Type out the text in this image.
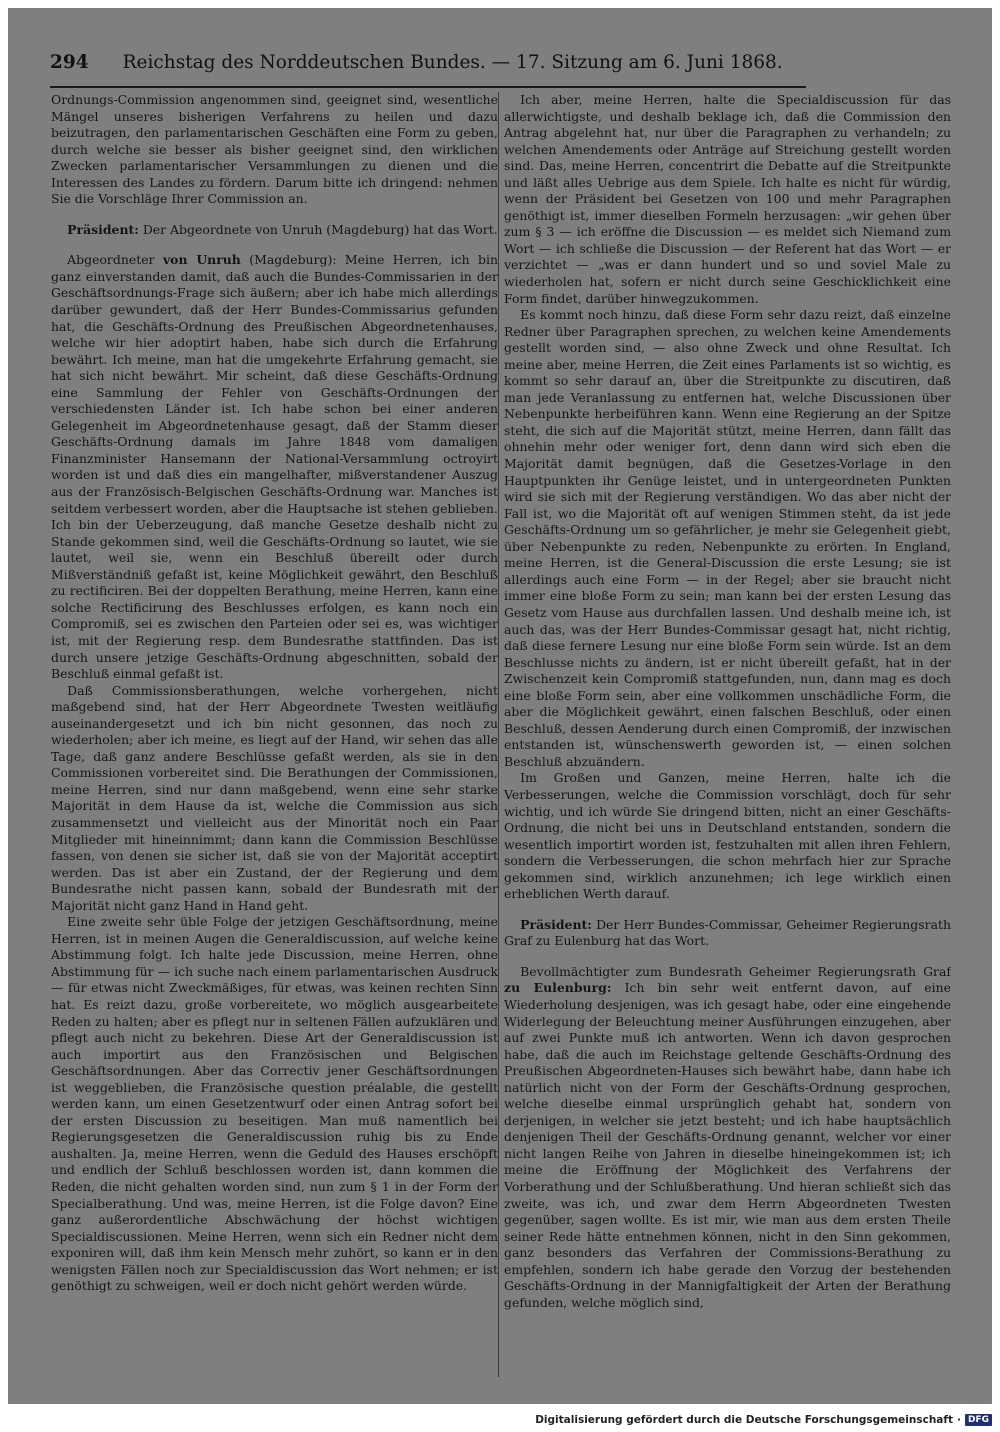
294 Reichstag des Norddeutschen Bundes. — 17. Sitzung am 6. Juni 1868.

Ordnungs-Commission angenommen sind, geeignet sind, wesentliche Mängel unseres bisherigen Verfahrens zu heilen und dazu beizutragen, den parlamentarischen Geschäften eine Form zu geben, durch welche sie besser als bisher geeignet sind, den wirklichen Zwecken parlamentarischer Versammlungen zu dienen und die Interessen des Landes zu fördern. Darum bitte ich dringend: nehmen Sie die Vorschläge Ihrer Commission an.

Präsident: Der Abgeordnete von Unruh (Magdeburg) hat das Wort.

Abgeordneter von Unruh (Magdeburg): Meine Herren, ich bin ganz einverstanden damit, daß auch die Bundes-Commissarien in der Geschäftsordnungs-Frage sich äußern; aber ich habe mich allerdings darüber gewundert, daß der Herr Bundes-Commissarius gefunden hat, die Geschäfts-Ordnung des Preußischen Abgeordnetenhauses, welche wir hier adoptirt haben, habe sich durch die Erfahrung bewährt. Ich meine, man hat die umgekehrte Erfahrung gemacht, sie hat sich nicht bewährt. Mir scheint, daß diese Geschäfts-Ordnung eine Sammlung der Fehler von Geschäfts-Ordnungen der verschiedensten Länder ist. Ich habe schon bei einer anderen Gelegenheit im Abgeordnetenhause gesagt, daß der Stamm dieser Geschäfts-Ordnung damals im Jahre 1848 vom damaligen Finanzminister Hansemann der National-Versammlung octroyirt worden ist und daß dies ein mangelhafter, mißverstandener Auszug aus der Französisch-Belgischen Geschäfts-Ordnung war. Manches ist seitdem verbessert worden, aber die Hauptsache ist stehen geblieben. Ich bin der Ueberzeugung, daß manche Gesetze deshalb nicht zu Stande gekommen sind, weil die Geschäfts-Ordnung so lautet, wie sie lautet, weil sie, wenn ein Beschluß übereilt oder durch Mißverständniß gefaßt ist, keine Möglichkeit gewährt, den Beschluß zu rectificiren. Bei der doppelten Berathung, meine Herren, kann eine solche Rectificirung des Beschlusses erfolgen, es kann noch ein Compromiß, sei es zwischen den Parteien oder sei es, was wichtiger ist, mit der Regierung resp. dem Bundesrathe stattfinden. Das ist durch unsere jetzige Geschäfts-Ordnung abgeschnitten, sobald der Beschluß einmal gefaßt ist.

Daß Commissionsberathungen, welche vorhergehen, nicht maßgebend sind, hat der Herr Abgeordnete Twesten weitläufig auseinandergesetzt und ich bin nicht gesonnen, das noch zu wiederholen; aber ich meine, es liegt auf der Hand, wir sehen das alle Tage, daß ganz andere Beschlüsse gefaßt werden, als sie in den Commissionen vorbereitet sind. Die Berathungen der Commissionen, meine Herren, sind nur dann maßgebend, wenn eine sehr starke Majorität in dem Hause da ist, welche die Commission aus sich zusammensetzt und vielleicht aus der Minorität noch ein Paar Mitglieder mit hineinnimmt; dann kann die Commission Beschlüsse fassen, von denen sie sicher ist, daß sie von der Majorität acceptirt werden. Das ist aber ein Zustand, der der Regierung und dem Bundesrathe nicht passen kann, sobald der Bundesrath mit der Majorität nicht ganz Hand in Hand geht.

Eine zweite sehr üble Folge der jetzigen Geschäftsordnung, meine Herren, ist in meinen Augen die Generaldiscussion, auf welche keine Abstimmung folgt. Ich halte jede Discussion, meine Herren, ohne Abstimmung für — ich suche nach einem parlamentarischen Ausdruck — für etwas nicht Zweckmäßiges, für etwas, was keinen rechten Sinn hat. Es reizt dazu, große vorbereitete, wo möglich ausgearbeitete Reden zu halten; aber es pflegt nur in seltenen Fällen aufzuklären und pflegt auch nicht zu bekehren. Diese Art der Generaldiscussion ist auch importirt aus den Französischen und Belgischen Geschäftsordnungen. Aber das Correctiv jener Geschäftsordnungen ist weggeblieben, die Französische question préalable, die gestellt werden kann, um einen Gesetzentwurf oder einen Antrag sofort bei der ersten Discussion zu beseitigen. Man muß namentlich bei Regierungsgesetzen die Generaldiscussion ruhig bis zu Ende aushalten. Ja, meine Herren, wenn die Geduld des Hauses erschöpft und endlich der Schluß beschlossen worden ist, dann kommen die Reden, die nicht gehalten worden sind, nun zum § 1 in der Form der Specialberathung. Und was, meine Herren, ist die Folge davon? Eine ganz außerordentliche Abschwächung der höchst wichtigen Specialdiscussionen. Meine Herren, wenn sich ein Redner nicht dem exponiren will, daß ihm kein Mensch mehr zuhört, so kann er in den wenigsten Fällen noch zur Specialdiscussion das Wort nehmen; er ist genöthigt zu schweigen, weil er doch nicht gehört werden würde.

Ich aber, meine Herren, halte die Specialdiscussion für das allerwichtigste, und deshalb beklage ich, daß die Commission den Antrag abgelehnt hat, nur über die Paragraphen zu verhandeln; zu welchen Amendements oder Anträge auf Streichung gestellt worden sind. Das, meine Herren, concentrirt die Debatte auf die Streitpunkte und läßt alles Uebrige aus dem Spiele. Ich halte es nicht für würdig, wenn der Präsident bei Gesetzen von 100 und mehr Paragraphen genöthigt ist, immer dieselben Formeln herzusagen: „wir gehen über zum § 3 — ich eröffne die Discussion — es meldet sich Niemand zum Wort — ich schließe die Discussion — der Referent hat das Wort — er verzichtet — „was er dann hundert und so und soviel Male zu wiederholen hat, sofern er nicht durch seine Geschicklichkeit eine Form findet, darüber hinwegzukommen.

Es kommt noch hinzu, daß diese Form sehr dazu reizt, daß einzelne Redner über Paragraphen sprechen, zu welchen keine Amendements gestellt worden sind, — also ohne Zweck und ohne Resultat. Ich meine aber, meine Herren, die Zeit eines Parlaments ist so wichtig, es kommt so sehr darauf an, über die Streitpunkte zu discutiren, daß man jede Veranlassung zu entfernen hat, welche Discussionen über Nebenpunkte herbeiführen kann. Wenn eine Regierung an der Spitze steht, die sich auf die Majorität stützt, meine Herren, dann fällt das ohnehin mehr oder weniger fort, denn dann wird sich eben die Majorität damit begnügen, daß die Gesetzes-Vorlage in den Hauptpunkten ihr Genüge leistet, und in untergeordneten Punkten wird sie sich mit der Regierung verständigen. Wo das aber nicht der Fall ist, wo die Majorität oft auf wenigen Stimmen steht, da ist jede Geschäfts-Ordnung um so gefährlicher, je mehr sie Gelegenheit giebt, über Nebenpunkte zu reden, Nebenpunkte zu erörten. In England, meine Herren, ist die General-Discussion die erste Lesung; sie ist allerdings auch eine Form — in der Regel; aber sie braucht nicht immer eine bloße Form zu sein; man kann bei der ersten Lesung das Gesetz vom Hause aus durchfallen lassen. Und deshalb meine ich, ist auch das, was der Herr Bundes-Commissar gesagt hat, nicht richtig, daß diese fernere Lesung nur eine bloße Form sein würde. Ist an dem Beschlusse nichts zu ändern, ist er nicht übereilt gefaßt, hat in der Zwischenzeit kein Compromiß stattgefunden, nun, dann mag es doch eine bloße Form sein, aber eine vollkommen unschädliche Form, die aber die Möglichkeit gewährt, einen falschen Beschluß, oder einen Beschluß, dessen Aenderung durch einen Compromiß, der inzwischen entstanden ist, wünschenswerth geworden ist, — einen solchen Beschluß abzuändern.

Im Großen und Ganzen, meine Herren, halte ich die Verbesserungen, welche die Commission vorschlägt, doch für sehr wichtig, und ich würde Sie dringend bitten, nicht an einer Geschäfts-Ordnung, die nicht bei uns in Deutschland entstanden, sondern die wesentlich importirt worden ist, festzuhalten mit allen ihren Fehlern, sondern die Verbesserungen, die schon mehrfach hier zur Sprache gekommen sind, wirklich anzunehmen; ich lege wirklich einen erheblichen Werth darauf.

Präsident: Der Herr Bundes-Commissar, Geheimer Regierungsrath Graf zu Eulenburg hat das Wort.

Bevollmächtigter zum Bundesrath Geheimer Regierungsrath Graf zu Eulenburg: Ich bin sehr weit entfernt davon, auf eine Wiederholung desjenigen, was ich gesagt habe, oder eine eingehende Widerlegung der Beleuchtung meiner Ausführungen einzugehen, aber auf zwei Punkte muß ich antworten. Wenn ich davon gesprochen habe, daß die auch im Reichstage geltende Geschäfts-Ordnung des Preußischen Abgeordneten-Hauses sich bewährt habe, dann habe ich natürlich nicht von der Form der Geschäfts-Ordnung gesprochen, welche dieselbe einmal ursprünglich gehabt hat, sondern von derjenigen, in welcher sie jetzt besteht; und ich habe hauptsächlich denjenigen Theil der Geschäfts-Ordnung genannt, welcher vor einer nicht langen Reihe von Jahren in dieselbe hineingekommen ist; ich meine die Eröffnung der Möglichkeit des Verfahrens der Vorberathung und der Schlußberathung. Und hieran schließt sich das zweite, was ich, und zwar dem Herrn Abgeordneten Twesten gegenüber, sagen wollte. Es ist mir, wie man aus dem ersten Theile seiner Rede hätte entnehmen können, nicht in den Sinn gekommen, ganz besonders das Verfahren der Commissions-Berathung zu empfehlen, sondern ich habe gerade den Vorzug der bestehenden Geschäfts-Ordnung in der Mannigfaltigkeit der Arten der Berathung gefunden, welche möglich sind,

Digitalisierung gefördert durch die Deutsche Forschungsgemeinschaft · DFG
